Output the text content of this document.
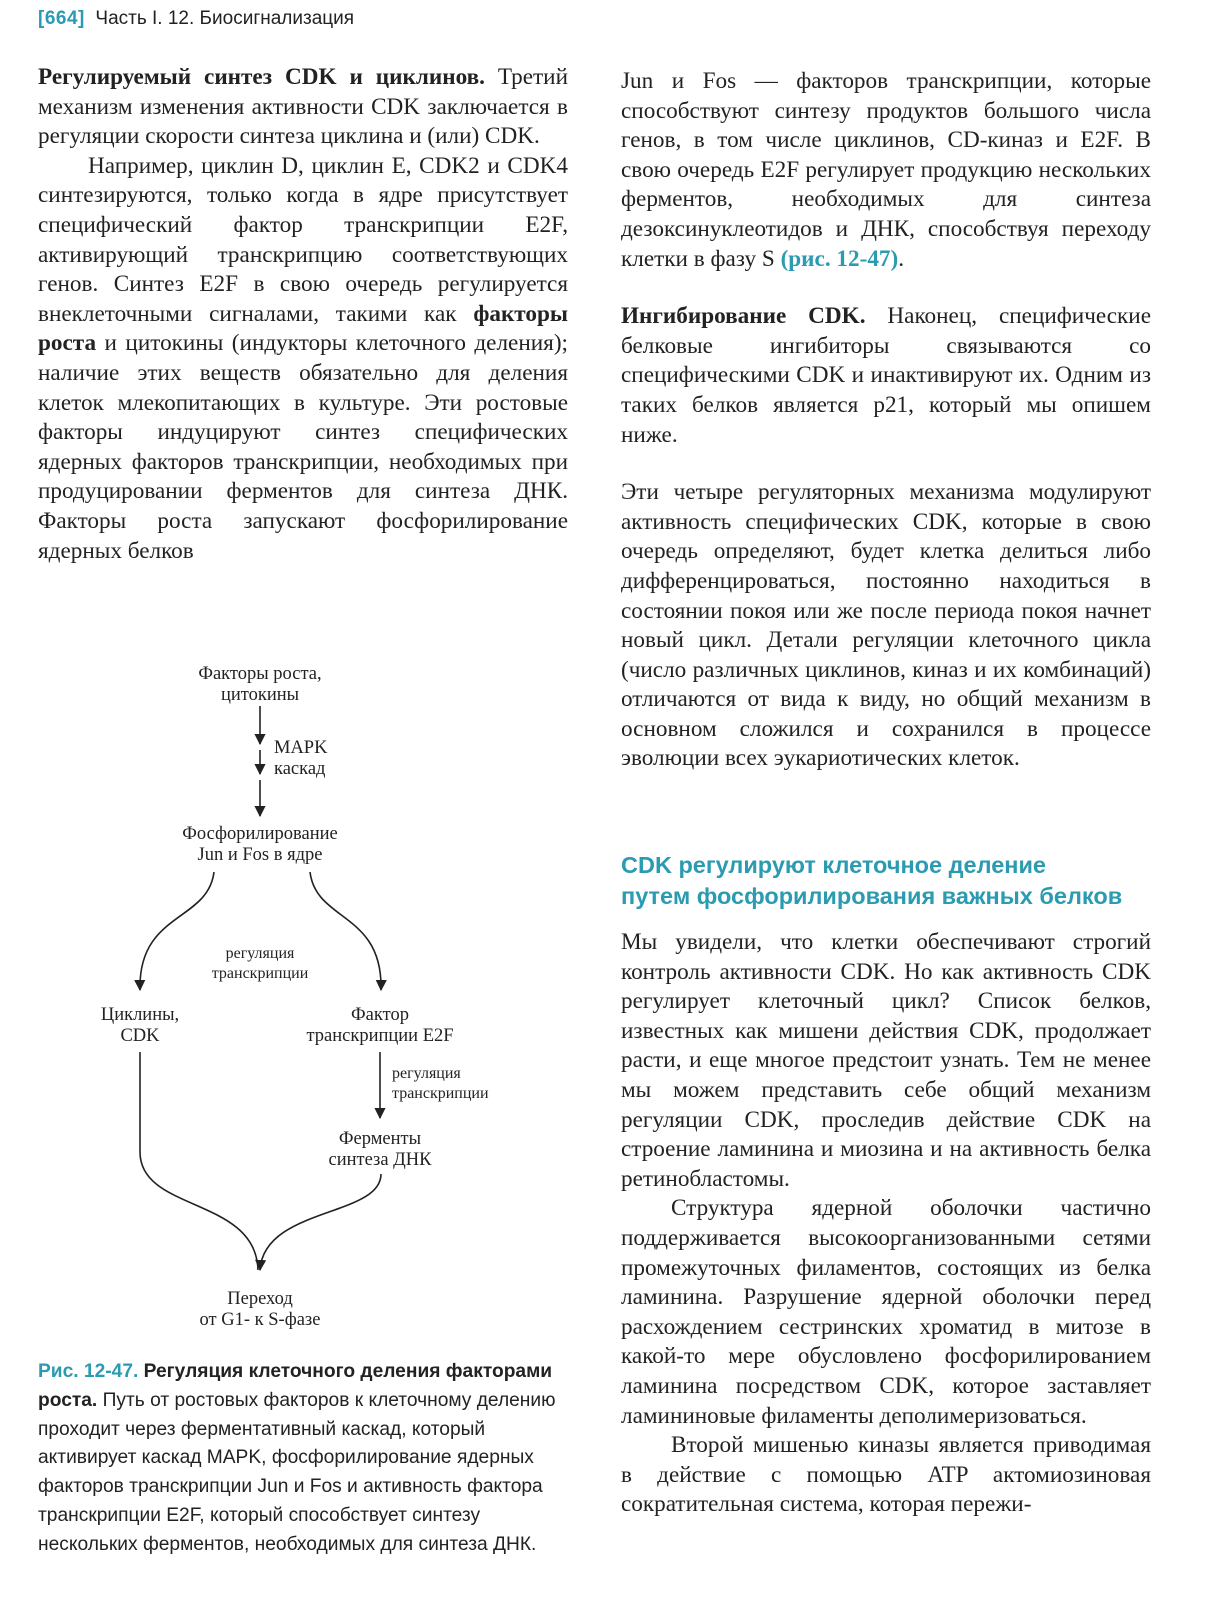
[664] Часть I. 12. Биосигнализация

Регулируемый синтез CDK и циклинов. Третий механизм изменения активности CDK заключается в регуляции скорости синтеза циклина и (или) CDK.

Например, циклин D, циклин E, CDK2 и CDK4 синтезируются, только когда в ядре присутствует специфический фактор транскрипции E2F, активирующий транскрипцию соответствующих генов. Синтез E2F в свою очередь регулируется внеклеточными сигналами, такими как факторы роста и цитокины (индукторы клеточного деления); наличие этих веществ обязательно для деления клеток млекопитающих в культуре. Эти ростовые факторы индуцируют синтез специфических ядерных факторов транскрипции, необходимых при продуцировании ферментов для синтеза ДНК. Факторы роста запускают фосфорилирование ядерных белков

Факторы роста,
цитокины
MAPK
каскад
Фосфорилирование
Jun и Fos в ядре
регуляция
транскрипции
Циклины,
CDK
Фактор
транскрипции E2F
регуляция
транскрипции
Ферменты
синтеза ДНК
Переход
от G1- к S-фазе
Рис. 12-47. Регуляция клеточного деления факторами роста. Путь от ростовых факторов к клеточному делению проходит через ферментативный каскад, который активирует каскад MAPK, фосфорилирование ядерных факторов транскрипции Jun и Fos и активность фактора транскрипции E2F, который способствует синтезу нескольких ферментов, необходимых для синтеза ДНК.

Jun и Fos — факторов транскрипции, которые способствуют синтезу продуктов большого числа генов, в том числе циклинов, CD-киназ и E2F. В свою очередь E2F регулирует продукцию нескольких ферментов, необходимых для синтеза дезоксинуклеотидов и ДНК, способствуя переходу клетки в фазу S (рис. 12-47).

Ингибирование CDK. Наконец, специфические белковые ингибиторы связываются со специфическими CDK и инактивируют их. Одним из таких белков является p21, который мы опишем ниже.

Эти четыре регуляторных механизма модулируют активность специфических CDK, которые в свою очередь определяют, будет клетка делиться либо дифференцироваться, постоянно находиться в состоянии покоя или же после периода покоя начнет новый цикл. Детали регуляции клеточного цикла (число различных циклинов, киназ и их комбинаций) отличаются от вида к виду, но общий механизм в основном сложился и сохранился в процессе эволюции всех эукариотических клеток.

CDK регулируют клеточное деление
путем фосфорилирования важных белков

Мы увидели, что клетки обеспечивают строгий контроль активности CDK. Но как активность CDK регулирует клеточный цикл? Список белков, известных как мишени действия CDK, продолжает расти, и еще многое предстоит узнать. Тем не менее мы можем представить себе общий механизм регуляции CDK, проследив действие CDK на строение ламинина и миозина и на активность белка ретинобластомы.

Структура ядерной оболочки частично поддерживается высокоорганизованными сетями промежуточных филаментов, состоящих из белка ламинина. Разрушение ядерной оболочки перед расхождением сестринских хроматид в митозе в какой-то мере обусловлено фосфорилированием ламинина посредством CDK, которое заставляет ламининовые филаменты деполимеризоваться.

Второй мишенью киназы является приводимая в действие с помощью ATP актомиозиновая сократительная система, которая пережи-
